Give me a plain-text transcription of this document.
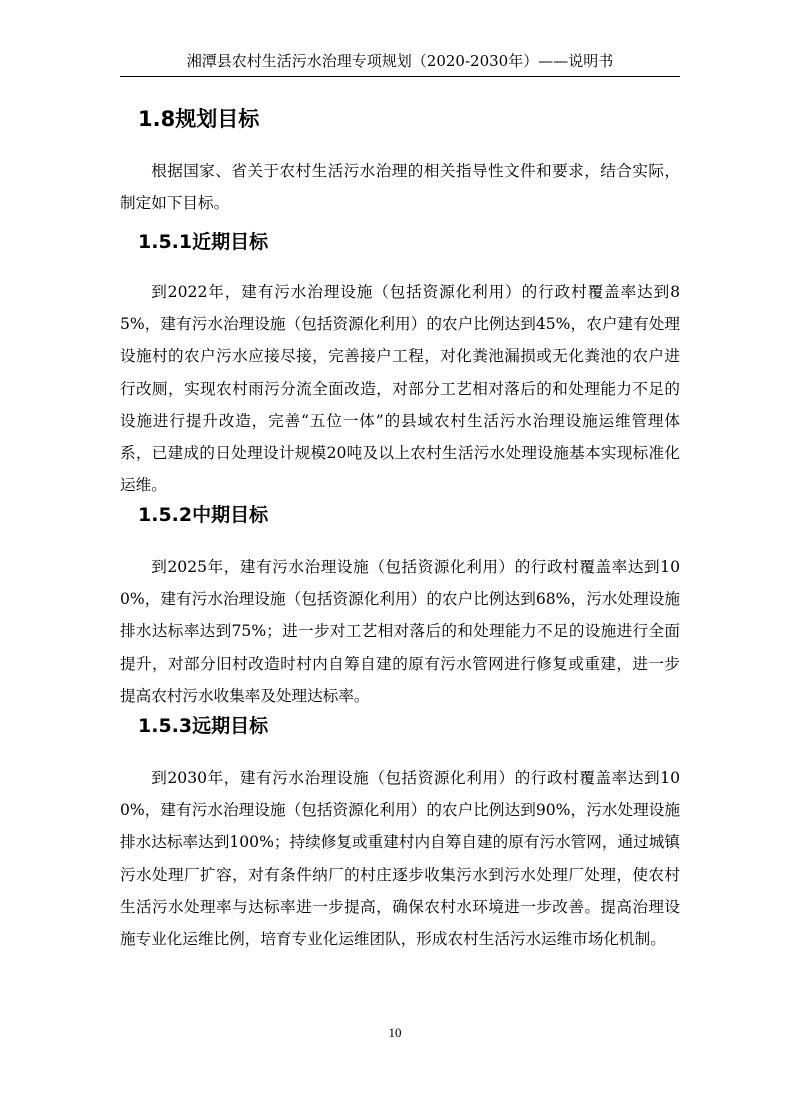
湘潭县农村生活污水治理专项规划（2020-2030年）——说明书
1.8规划目标
根据国家、省关于农村生活污水治理的相关指导性文件和要求，结合实际，制定如下目标。
1.5.1近期目标
到2022年，建有污水治理设施（包括资源化利用）的行政村覆盖率达到85%，建有污水治理设施（包括资源化利用）的农户比例达到45%，农户建有处理设施村的农户污水应接尽接，完善接户工程，对化粪池漏损或无化粪池的农户进行改厕，实现农村雨污分流全面改造，对部分工艺相对落后的和处理能力不足的设施进行提升改造，完善“五位一体”的县域农村生活污水治理设施运维管理体系，已建成的日处理设计规模20吨及以上农村生活污水处理设施基本实现标准化运维。
1.5.2中期目标
到2025年，建有污水治理设施（包括资源化利用）的行政村覆盖率达到100%，建有污水治理设施（包括资源化利用）的农户比例达到68%，污水处理设施排水达标率达到75%；进一步对工艺相对落后的和处理能力不足的设施进行全面提升，对部分旧村改造时村内自筹自建的原有污水管网进行修复或重建，进一步提高农村污水收集率及处理达标率。
1.5.3远期目标
到2030年，建有污水治理设施（包括资源化利用）的行政村覆盖率达到100%，建有污水治理设施（包括资源化利用）的农户比例达到90%，污水处理设施排水达标率达到100%；持续修复或重建村内自筹自建的原有污水管网，通过城镇污水处理厂扩容，对有条件纳厂的村庄逐步收集污水到污水处理厂处理，使农村生活污水处理率与达标率进一步提高，确保农村水环境进一步改善。提高治理设施专业化运维比例，培育专业化运维团队，形成农村生活污水运维市场化机制。
10
